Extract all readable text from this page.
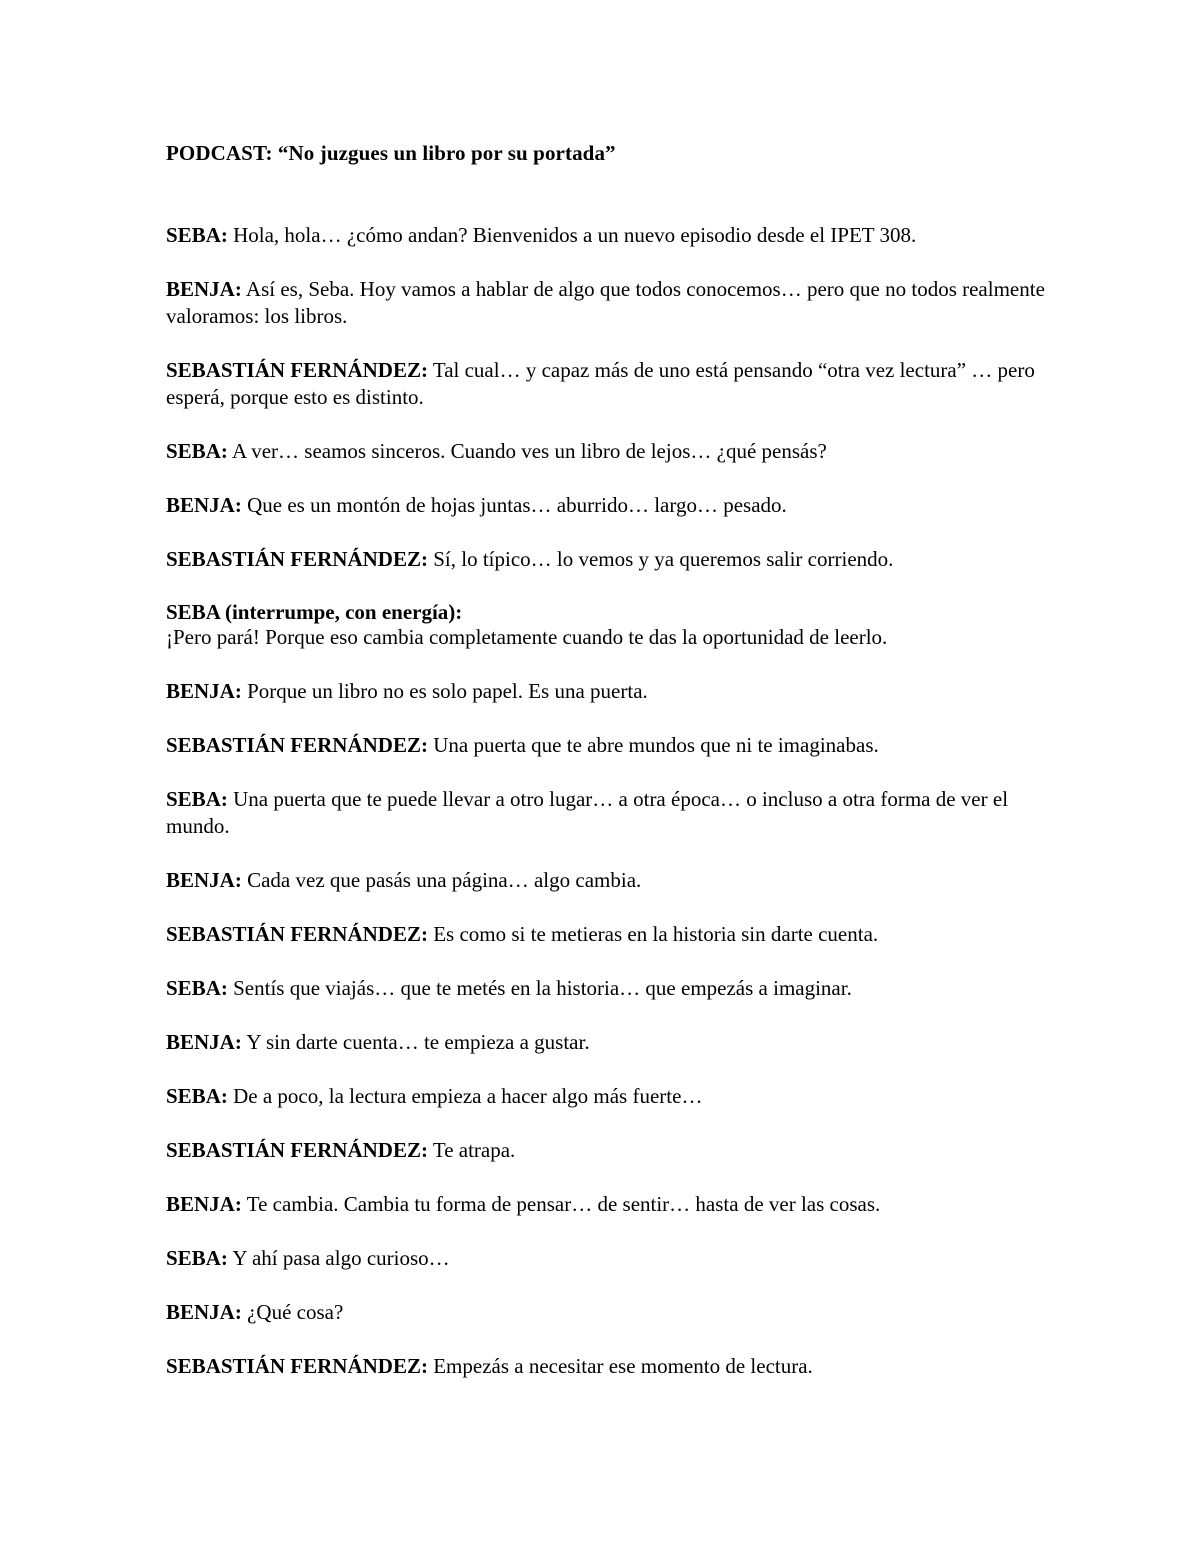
PODCAST: “No juzgues un libro por su portada”
SEBA: Hola, hola… ¿cómo andan? Bienvenidos a un nuevo episodio desde el IPET 308.
BENJA: Así es, Seba. Hoy vamos a hablar de algo que todos conocemos… pero que no todos realmente valoramos: los libros.
SEBASTIÁN FERNÁNDEZ: Tal cual… y capaz más de uno está pensando “otra vez lectura” … pero esperá, porque esto es distinto.
SEBA: A ver… seamos sinceros. Cuando ves un libro de lejos… ¿qué pensás?
BENJA: Que es un montón de hojas juntas… aburrido… largo… pesado.
SEBASTIÁN FERNÁNDEZ: Sí, lo típico… lo vemos y ya queremos salir corriendo.
SEBA (interrumpe, con energía):
¡Pero pará! Porque eso cambia completamente cuando te das la oportunidad de leerlo.
BENJA: Porque un libro no es solo papel. Es una puerta.
SEBASTIÁN FERNÁNDEZ: Una puerta que te abre mundos que ni te imaginabas.
SEBA: Una puerta que te puede llevar a otro lugar… a otra época… o incluso a otra forma de ver el mundo.
BENJA: Cada vez que pasás una página… algo cambia.
SEBASTIÁN FERNÁNDEZ: Es como si te metieras en la historia sin darte cuenta.
SEBA: Sentís que viajás… que te metés en la historia… que empezás a imaginar.
BENJA: Y sin darte cuenta… te empieza a gustar.
SEBA: De a poco, la lectura empieza a hacer algo más fuerte…
SEBASTIÁN FERNÁNDEZ: Te atrapa.
BENJA: Te cambia. Cambia tu forma de pensar… de sentir… hasta de ver las cosas.
SEBA: Y ahí pasa algo curioso…
BENJA: ¿Qué cosa?
SEBASTIÁN FERNÁNDEZ: Empezás a necesitar ese momento de lectura.
